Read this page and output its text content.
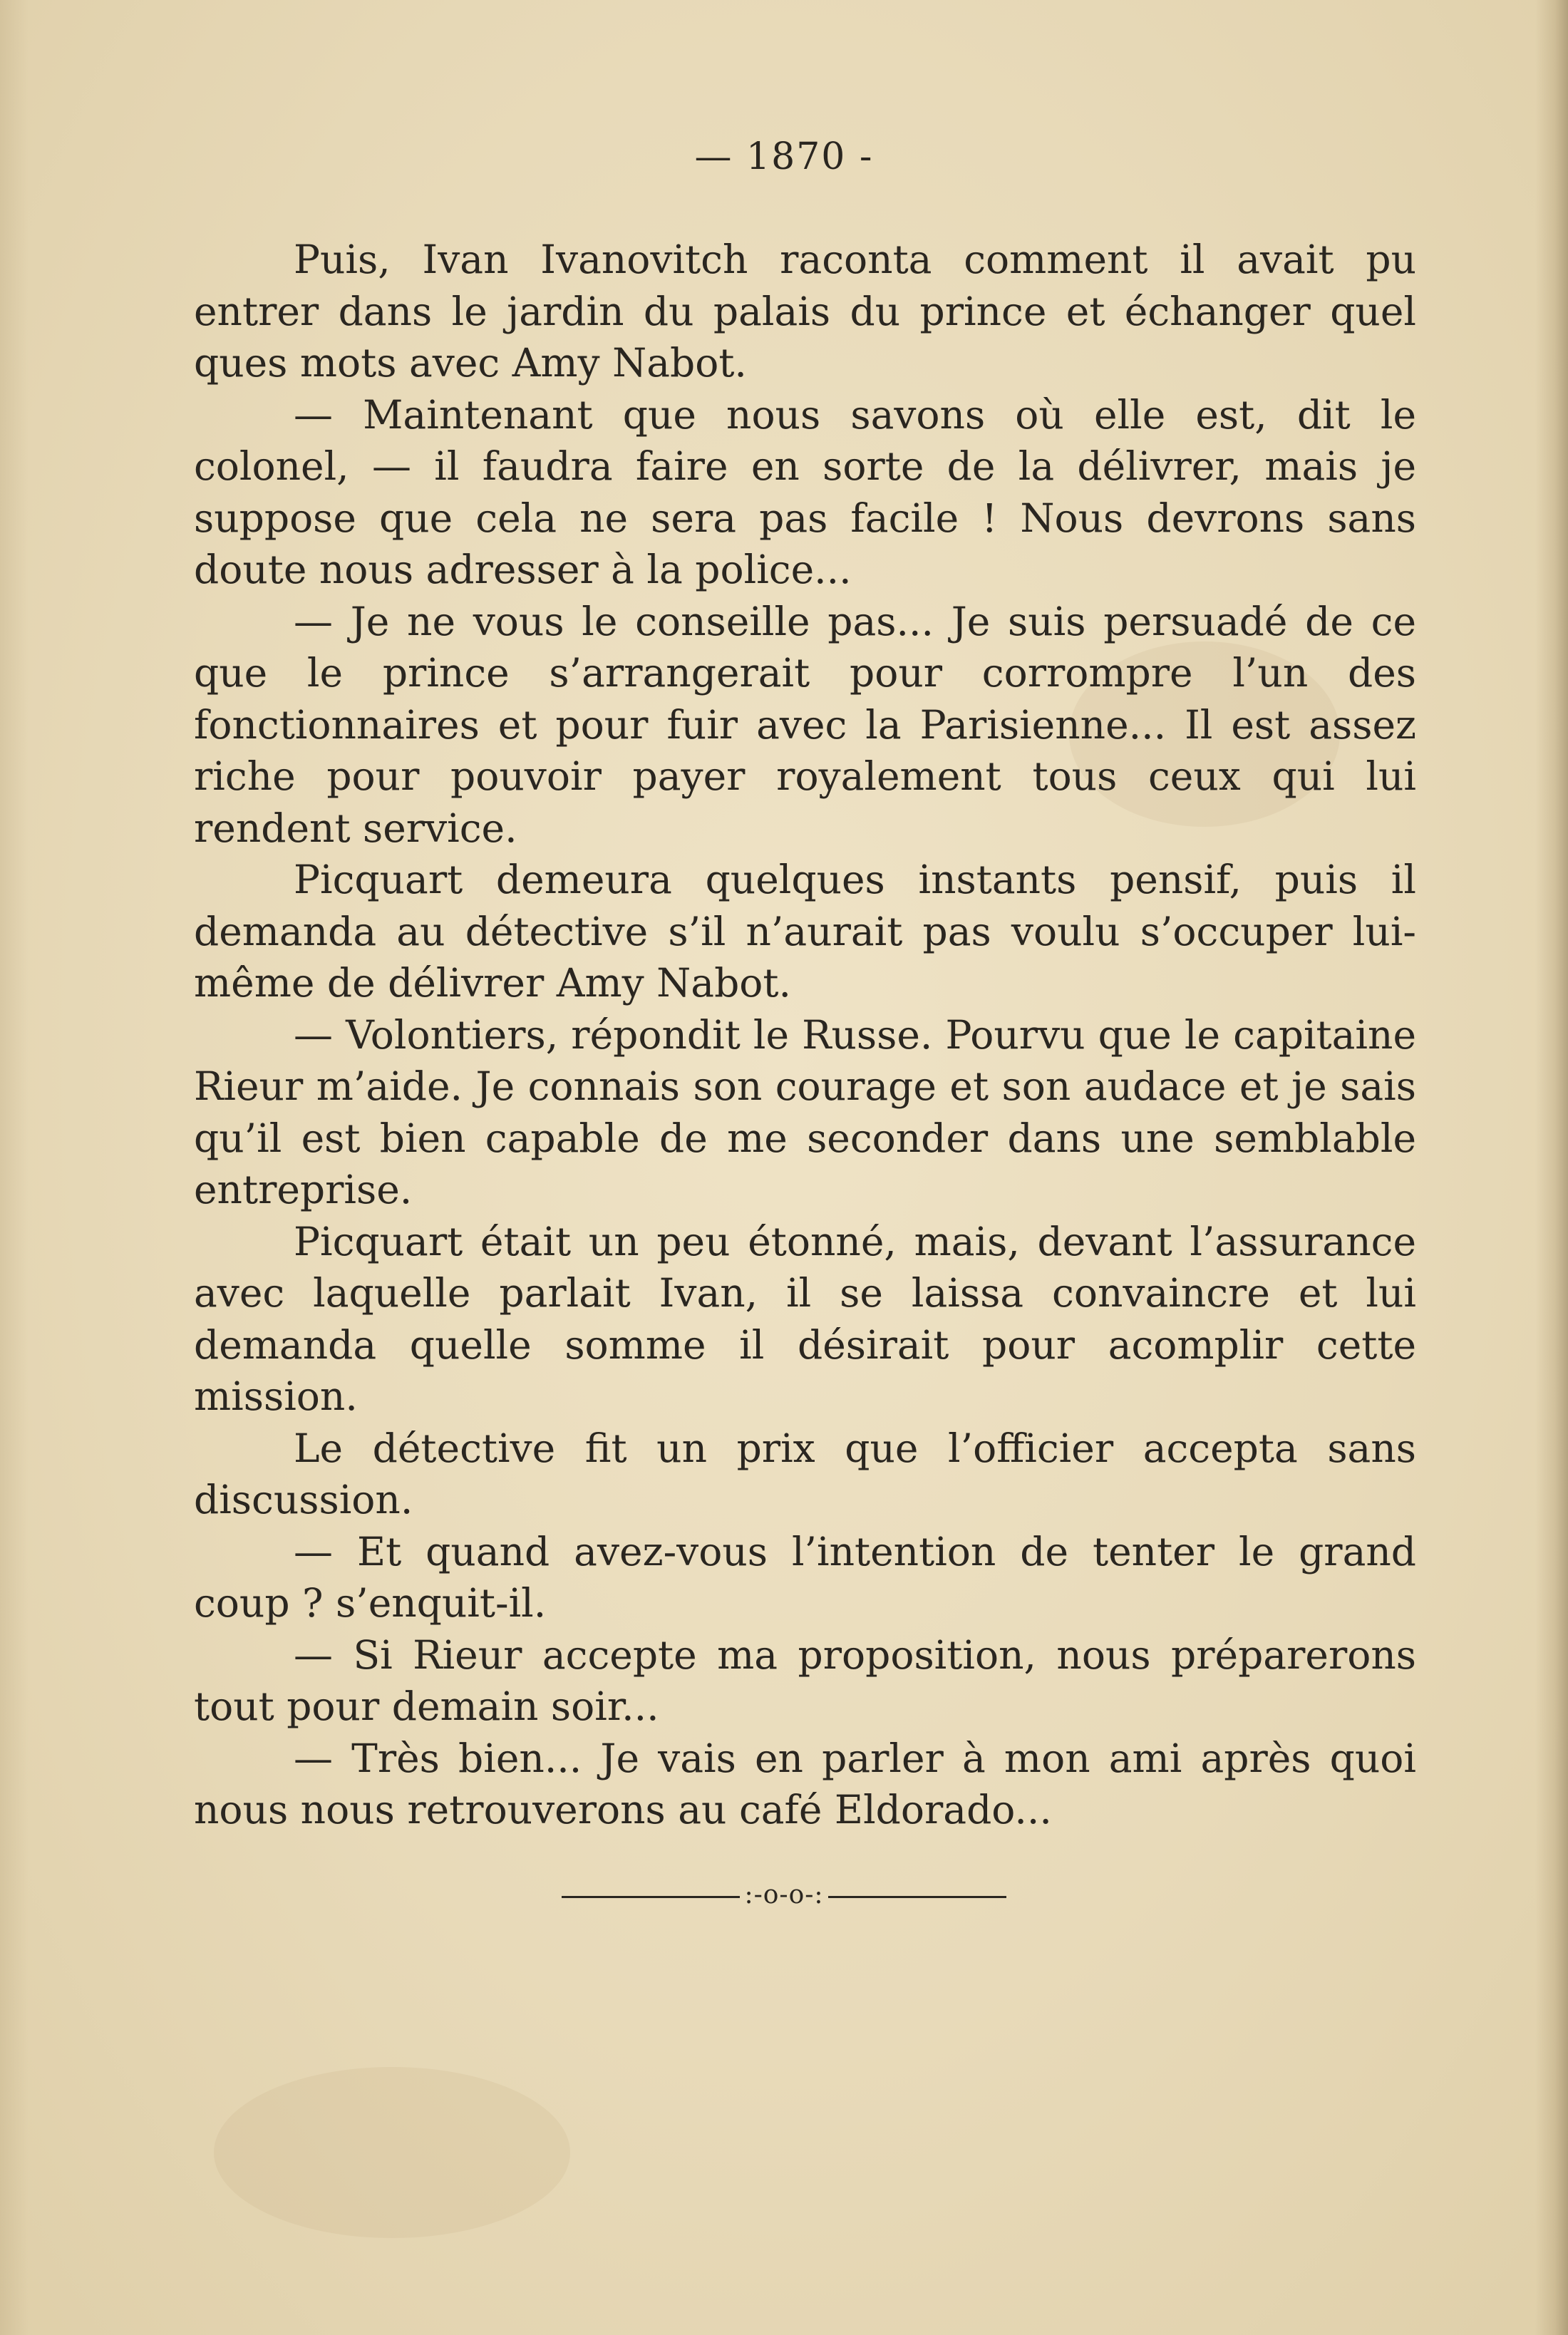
— 1870 -

Puis, Ivan Ivanovitch raconta comment il avait pu entrer dans le jardin du palais du prince et échanger quel ques mots avec Amy Nabot.

— Maintenant que nous savons où elle est, dit le colonel, — il faudra faire en sorte de la délivrer, mais je suppose que cela ne sera pas facile ! Nous devrons sans doute nous adresser à la police...

— Je ne vous le conseille pas... Je suis persuadé de ce que le prince s’arrangerait pour corrompre l’un des fonctionnaires et pour fuir avec la Parisienne... Il est assez riche pour pouvoir payer royalement tous ceux qui lui rendent service.

Picquart demeura quelques instants pensif, puis il demanda au détective s’il n’aurait pas voulu s’occuper lui-même de délivrer Amy Nabot.

— Volontiers, répondit le Russe. Pourvu que le capitaine Rieur m’aide. Je connais son courage et son audace et je sais qu’il est bien capable de me seconder dans une semblable entreprise.

Picquart était un peu étonné, mais, devant l’assurance avec laquelle parlait Ivan, il se laissa convaincre et lui demanda quelle somme il désirait pour acomplir cette mission.

Le détective fit un prix que l’officier accepta sans discussion.

— Et quand avez-vous l’intention de tenter le grand coup ? s’enquit-il.

— Si Rieur accepte ma proposition, nous préparerons tout pour demain soir...

— Très bien... Je vais en parler à mon ami après quoi nous nous retrouverons au café Eldorado...

:-o-o-:
